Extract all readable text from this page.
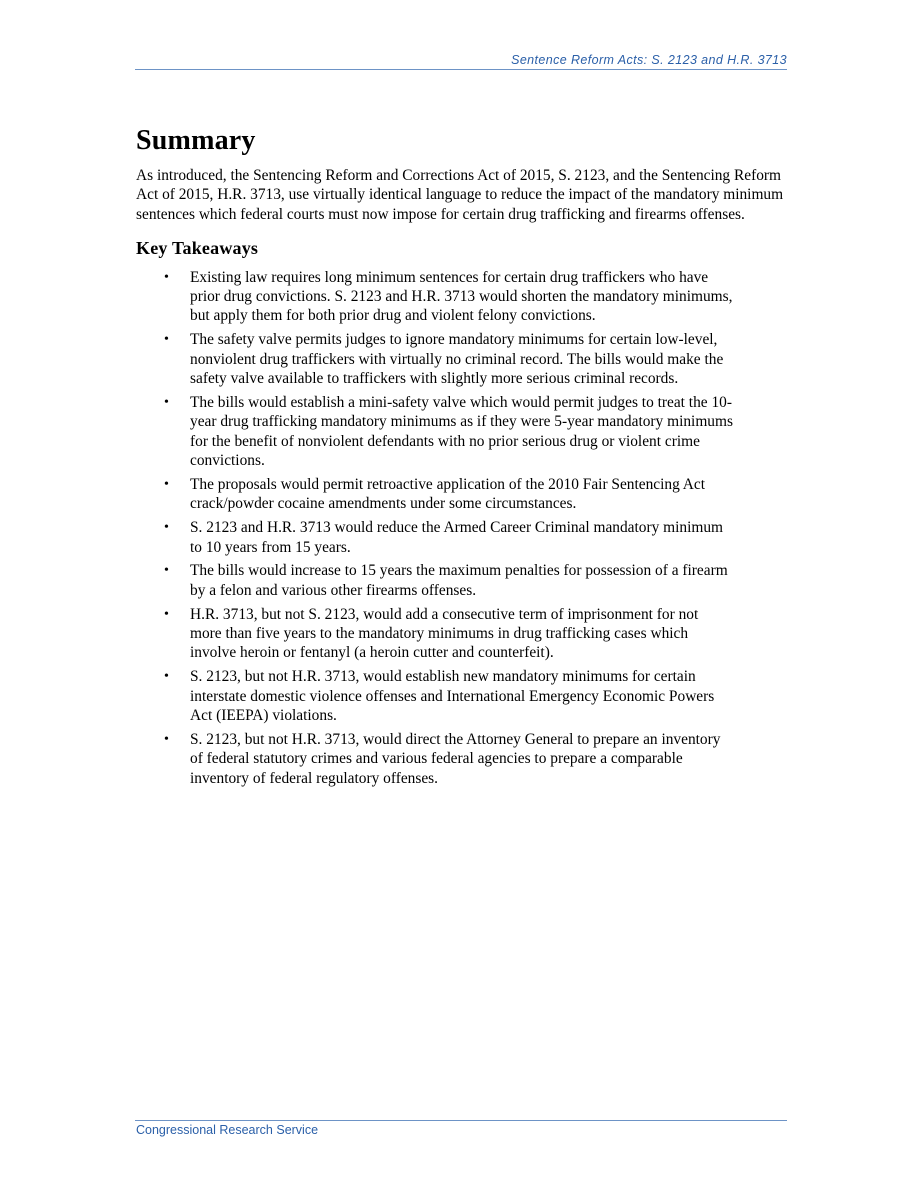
Sentence Reform Acts: S. 2123 and H.R. 3713
Summary

As introduced, the Sentencing Reform and Corrections Act of 2015, S. 2123, and the Sentencing Reform Act of 2015, H.R. 3713, use virtually identical language to reduce the impact of the mandatory minimum sentences which federal courts must now impose for certain drug trafficking and firearms offenses.

Key Takeaways
• Existing law requires long minimum sentences for certain drug traffickers who have prior drug convictions. S. 2123 and H.R. 3713 would shorten the mandatory minimums, but apply them for both prior drug and violent felony convictions.
• The safety valve permits judges to ignore mandatory minimums for certain low-level, nonviolent drug traffickers with virtually no criminal record. The bills would make the safety valve available to traffickers with slightly more serious criminal records.
• The bills would establish a mini-safety valve which would permit judges to treat the 10-year drug trafficking mandatory minimums as if they were 5-year mandatory minimums for the benefit of nonviolent defendants with no prior serious drug or violent crime convictions.
• The proposals would permit retroactive application of the 2010 Fair Sentencing Act crack/powder cocaine amendments under some circumstances.
• S. 2123 and H.R. 3713 would reduce the Armed Career Criminal mandatory minimum to 10 years from 15 years.
• The bills would increase to 15 years the maximum penalties for possession of a firearm by a felon and various other firearms offenses.
• H.R. 3713, but not S. 2123, would add a consecutive term of imprisonment for not more than five years to the mandatory minimums in drug trafficking cases which involve heroin or fentanyl (a heroin cutter and counterfeit).
• S. 2123, but not H.R. 3713, would establish new mandatory minimums for certain interstate domestic violence offenses and International Emergency Economic Powers Act (IEEPA) violations.
• S. 2123, but not H.R. 3713, would direct the Attorney General to prepare an inventory of federal statutory crimes and various federal agencies to prepare a comparable inventory of federal regulatory offenses.
Congressional Research Service
